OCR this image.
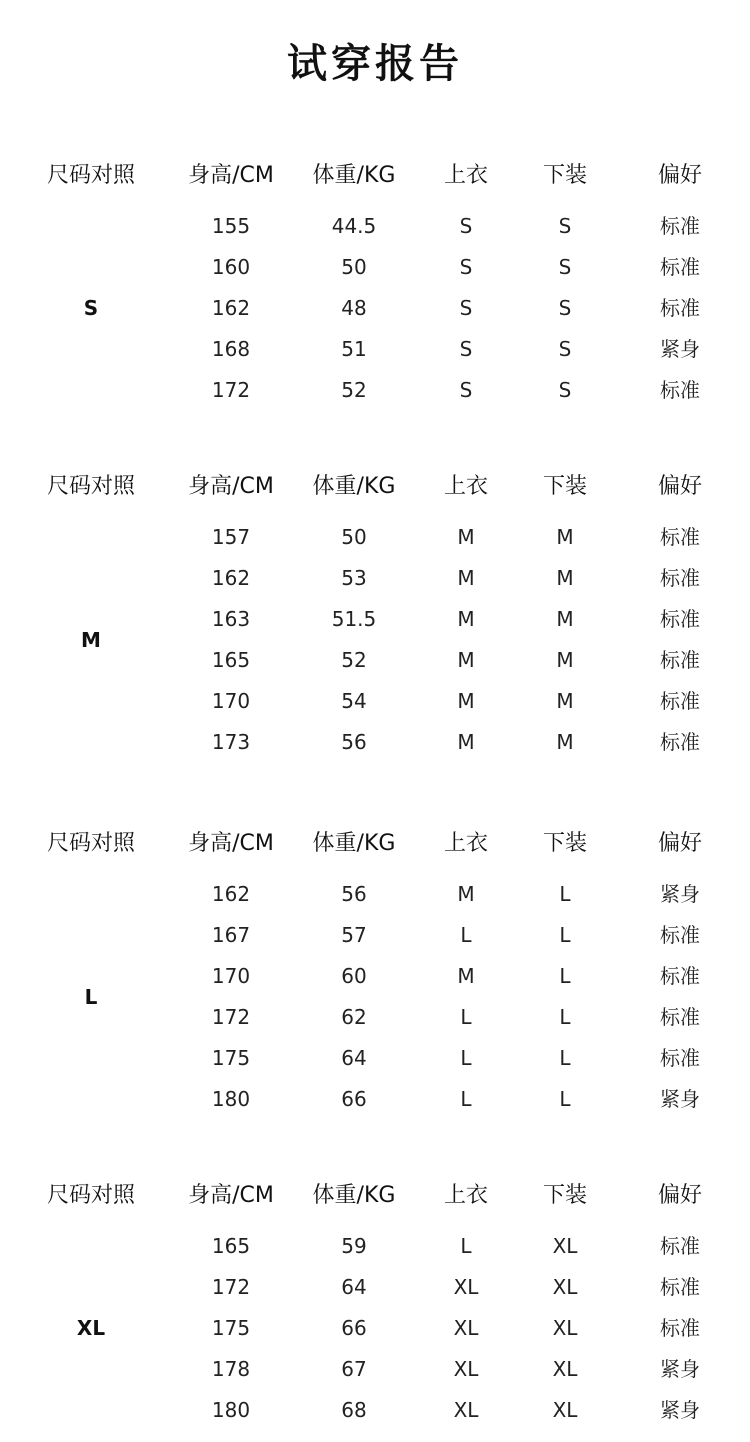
试穿报告
尺码对照	身高/CM	体重/KG	上衣	下装	偏好
S
155	44.5	S	S	标准
160	50	S	S	标准
162	48	S	S	标准
168	51	S	S	紧身
172	52	S	S	标准
尺码对照	身高/CM	体重/KG	上衣	下装	偏好
M
157	50	M	M	标准
162	53	M	M	标准
163	51.5	M	M	标准
165	52	M	M	标准
170	54	M	M	标准
173	56	M	M	标准
尺码对照	身高/CM	体重/KG	上衣	下装	偏好
L
162	56	M	L	紧身
167	57	L	L	标准
170	60	M	L	标准
172	62	L	L	标准
175	64	L	L	标准
180	66	L	L	紧身
尺码对照	身高/CM	体重/KG	上衣	下装	偏好
XL
165	59	L	XL	标准
172	64	XL	XL	标准
175	66	XL	XL	标准
178	67	XL	XL	紧身
180	68	XL	XL	紧身
